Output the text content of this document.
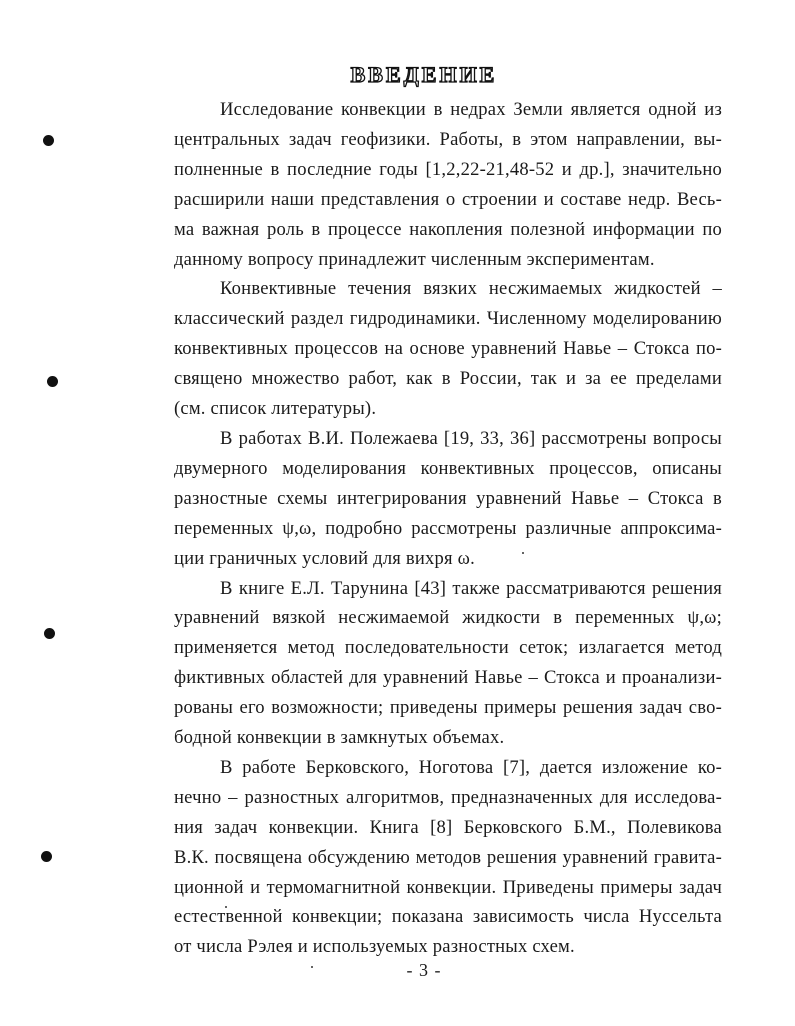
ВВЕДЕНИЕ
Исследование конвекции в недрах Земли является одной из
центральных задач геофизики. Работы, в этом направлении, вы-
полненные в последние годы [1,2,22-21,48-52 и др.], значительно
расширили наши представления о строении и составе недр. Весь-
ма важная роль в процессе накопления полезной информации по
данному вопросу принадлежит численным экспериментам.
Конвективные течения вязких несжимаемых жидкостей –
классический раздел гидродинамики. Численному моделированию
конвективных процессов на основе уравнений Навье – Стокса по-
священо множество работ, как в России, так и за ее пределами
(см. список литературы).
В работах В.И. Полежаева [19, 33, 36] рассмотрены вопросы
двумерного моделирования конвективных процессов, описаны
разностные схемы интегрирования уравнений Навье – Стокса в
переменных ψ,ω, подробно рассмотрены различные аппроксима-
ции граничных условий для вихря ω.
В книге Е.Л. Тарунина [43] также рассматриваются решения
уравнений вязкой несжимаемой жидкости в переменных ψ,ω;
применяется метод последовательности сеток; излагается метод
фиктивных областей для уравнений Навье – Стокса и проанализи-
рованы его возможности; приведены примеры решения задач сво-
бодной конвекции в замкнутых объемах.
В работе Берковского, Ноготова [7], дается изложение ко-
нечно – разностных алгоритмов, предназначенных для исследова-
ния задач конвекции. Книга [8] Берковского Б.М., Полевикова
В.К. посвящена обсуждению методов решения уравнений гравита-
ционной и термомагнитной конвекции. Приведены примеры задач
естественной конвекции; показана зависимость числа Нуссельта
от числа Рэлея и используемых разностных схем.
- 3 -
